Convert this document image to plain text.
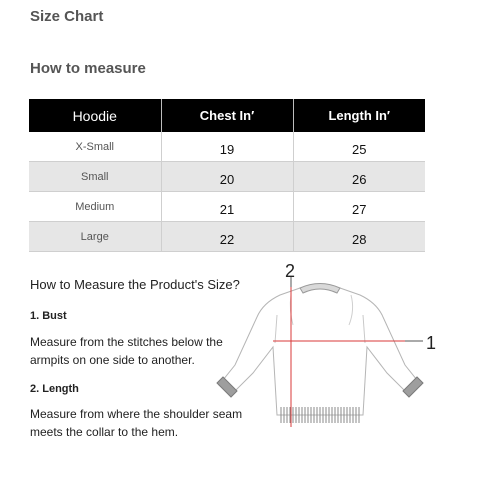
Size Chart
How to measure
Hoodie	Chest In′	Length In′
X-Small	19	25
Small	20	26
Medium	21	27
Large	22	28
How to Measure the Product's Size?
1. Bust
Measure from the stitches below the armpits on one side to another.
2. Length
Measure from where the shoulder seam meets the collar to the hem.
2
1
